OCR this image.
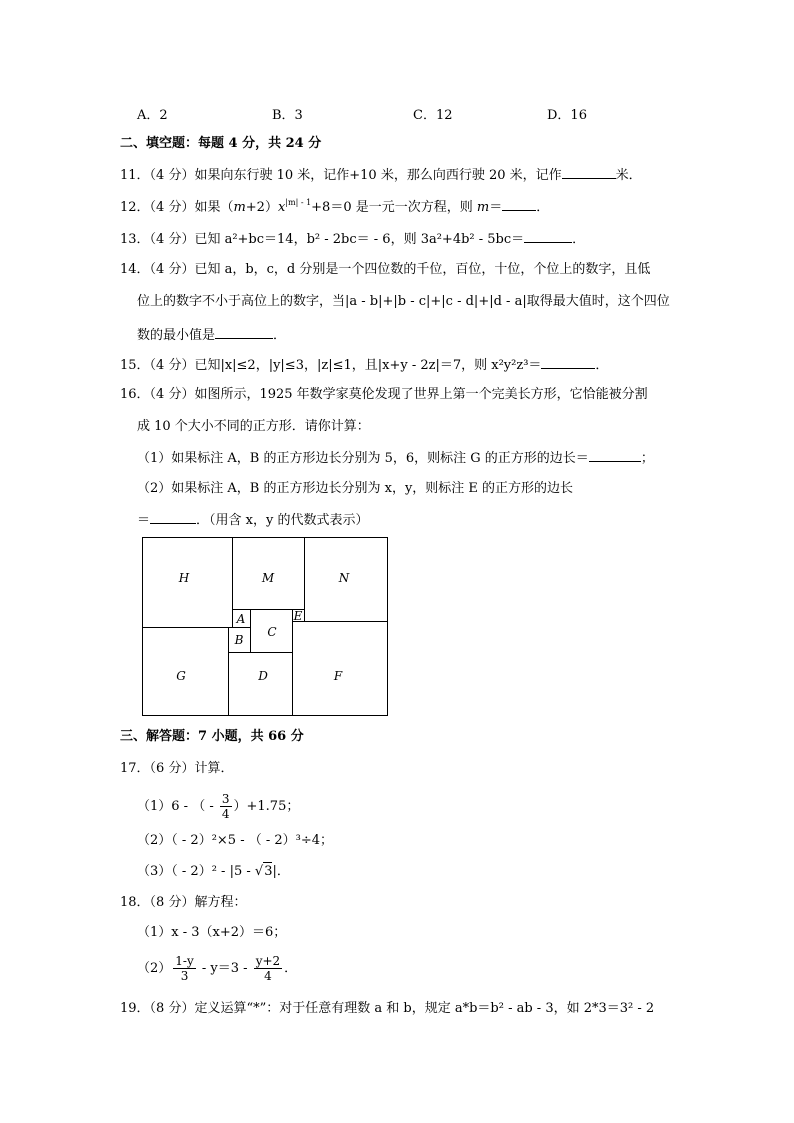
A．2	B．3	C．12	D．16
二、填空题：每题 4 分，共 24 分
11．（4 分）如果向东行驶 10 米，记作+10 米，那么向西行驶 20 米，记作	米．
12．（4 分）如果$(m+2)x^{|m| - 1}+8=0$ 是一元一次方程，则 m＝	．
13．（4 分）已知 a²+bc＝14，b² - 2bc＝ - 6，则 3a²+4b² - 5bc＝	．
14．（4 分）已知 a，b，c，d 分别是一个四位数的千位，百位，十位，个位上的数字，且低
位上的数字不小于高位上的数字，当|a - b|+|b - c|+|c - d|+|d - a|取得最大值时，这个四位
数的最小值是	．
15．（4 分）已知|x|≤2，|y|≤3，|z|≤1，且|x+y - 2z|＝7，则 x²y²z³＝	．
16．（4 分）如图所示，1925 年数学家莫伦发现了世界上第一个完美长方形，它恰能被分割
成 10 个大小不同的正方形．请你计算：
（1）如果标注 A，B 的正方形边长分别为 5，6，则标注 G 的正方形的边长＝	；
（2）如果标注 A，B 的正方形边长分别为 x，y，则标注 E 的正方形的边长
＝	．（用含 x，y 的代数式表示）
H	M	N
A	E
B
C
G	D	F
三、解答题：7 小题，共 66 分
17．（6 分）计算．
（1）6 - （ - $\frac{3}{4} )+1.75$；
（2）（ - 2）²×5 - （ - 2）³÷4；
（3）（ - 2）² - |5 - √3|．
18．（8 分）解方程：
（1）x - 3（x+2）＝6；
$(2) \frac{1-y}{3} - y=3 - \frac{y+2}{4}$ ．
19．（8 分）定义运算“*”：对于任意有理数 a 和 b，规定 a*b＝b² - ab - 3，如 2*3＝3² - 2
